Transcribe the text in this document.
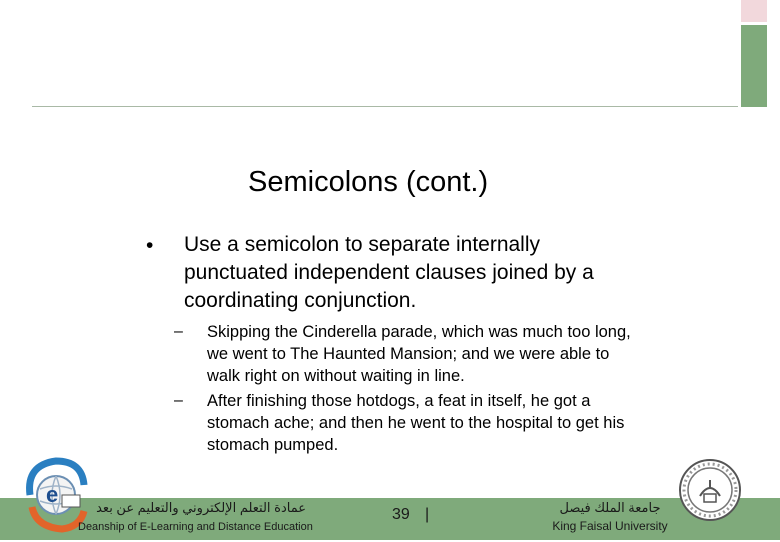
Semicolons (cont.)
• Use a semicolon to separate internally punctuated independent clauses joined by a coordinating conjunction.
– Skipping the Cinderella parade, which was much too long, we went to The Haunted Mansion; and we were able to walk right on without waiting in line.
– After finishing those hotdogs, a feat in itself, he got a stomach ache; and then he went to the hospital to get his stomach pumped.
e
عمادة التعلم الإلكتروني والتعليم عن بعد
Deanship of E-Learning and Distance Education
39 |	جامعة الملك فيصل
King Faisal University
